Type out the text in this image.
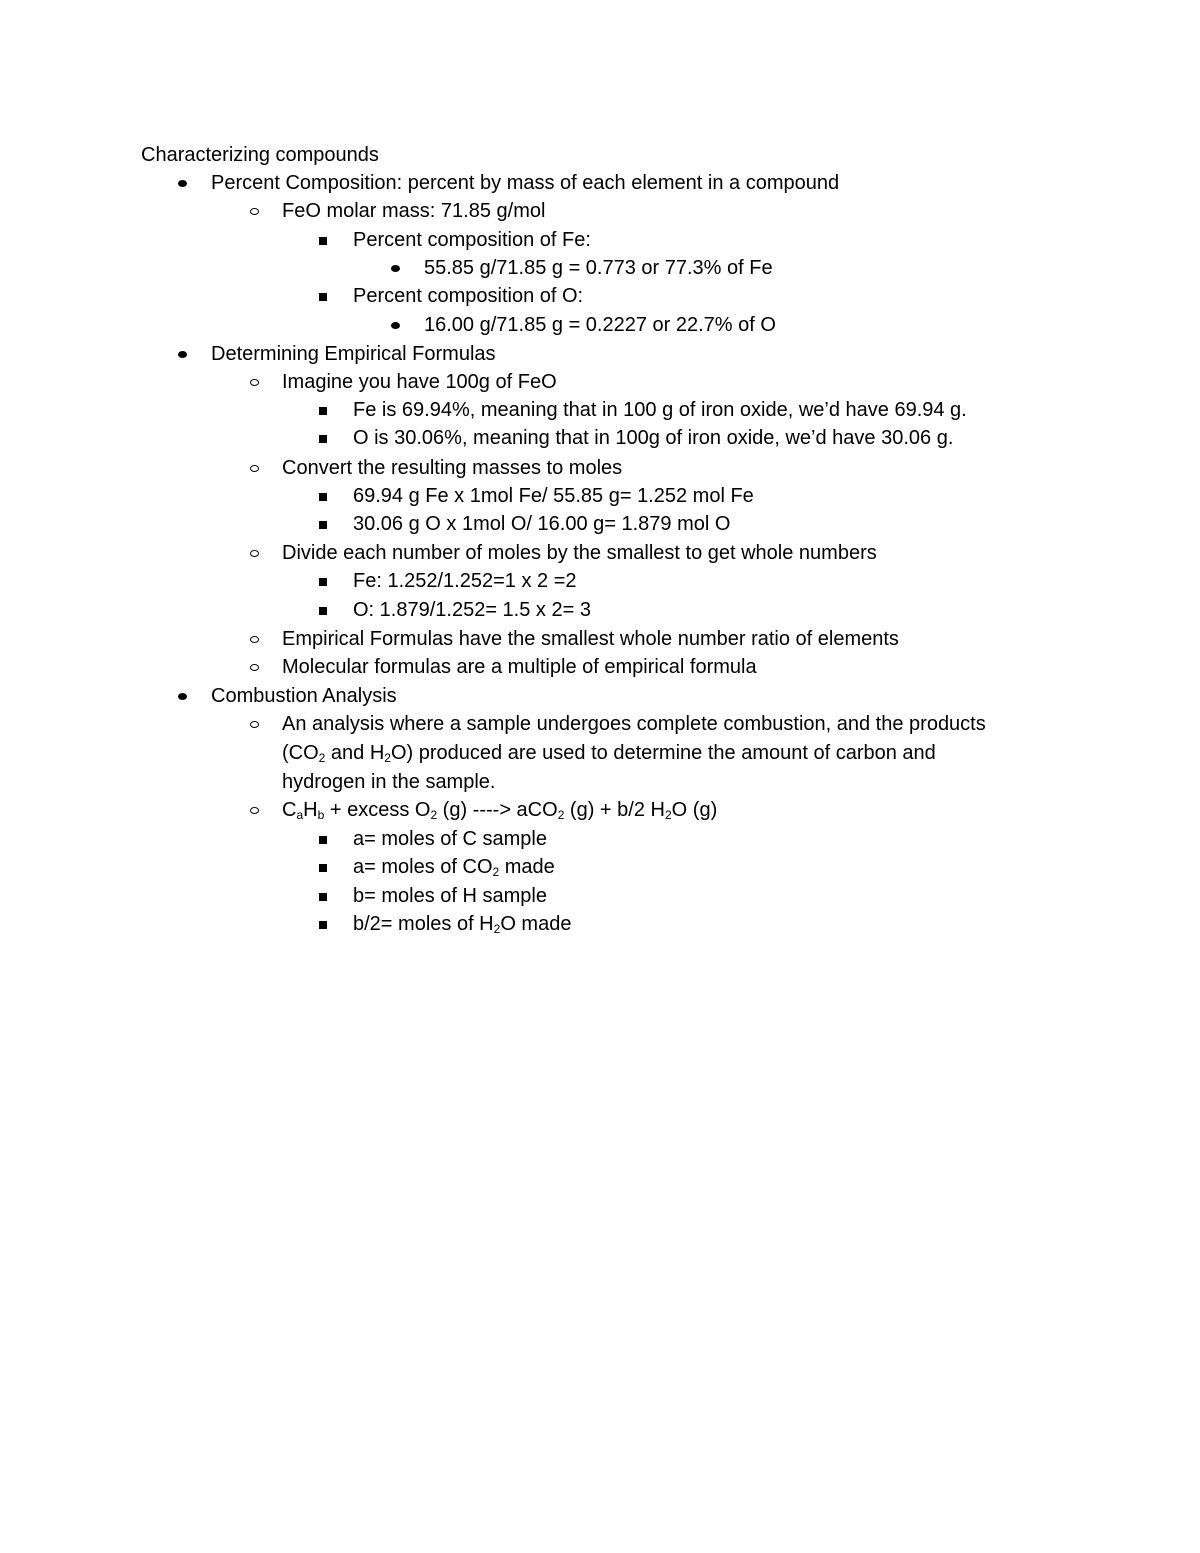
Characterizing compounds
Percent Composition: percent by mass of each element in a compound
FeO molar mass: 71.85 g/mol
Percent composition of Fe:
55.85 g/71.85 g = 0.773 or 77.3% of Fe
Percent composition of O:
16.00 g/71.85 g = 0.2227 or 22.7% of O
Determining Empirical Formulas
Imagine you have 100g of FeO
Fe is 69.94%, meaning that in 100 g of iron oxide, we’d have 69.94 g.
O is 30.06%, meaning that in 100g of iron oxide, we’d have 30.06 g.
Convert the resulting masses to moles
69.94 g Fe x 1mol Fe/ 55.85 g= 1.252 mol Fe
30.06 g O x 1mol O/ 16.00 g= 1.879 mol O
Divide each number of moles by the smallest to get whole numbers
Fe: 1.252/1.252=1 x 2 =2
O: 1.879/1.252= 1.5 x 2= 3
Empirical Formulas have the smallest whole number ratio of elements
Molecular formulas are a multiple of empirical formula
Combustion Analysis
An analysis where a sample undergoes complete combustion, and the products
($CO_2$ and $H_2O$) produced are used to determine the amount of carbon and
hydrogen in the sample.
$C_aH_b$ + excess $O_2$ (g) ----> aCO$_2$ (g) + b/2 $H_2O$ (g)
a= moles of C sample
a= moles of $CO_2$ made
b= moles of H sample
b/2= moles of $H_2O$ made
